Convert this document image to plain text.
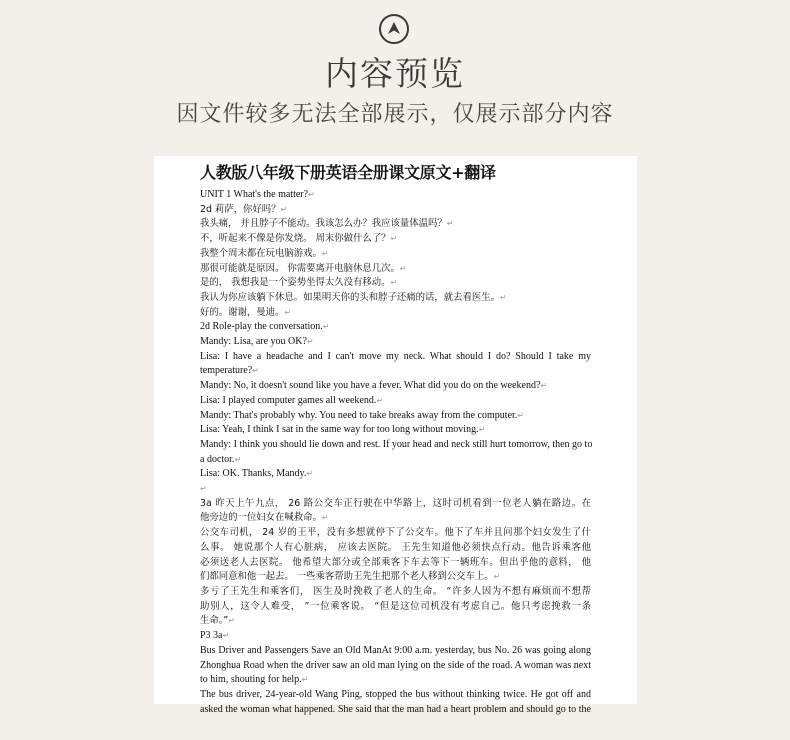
内容预览
因文件较多无法全部展示，仅展示部分内容
人教版八年级下册英语全册课文原文+翻译
UNIT 1 What's the matter?↵
2d 莉萨，你好吗？↵
我头痛， 并且脖子不能动。我该怎么办？我应该量体温吗？↵
不，听起来不像是你发烧。 周末你做什么了？↵
我整个周末都在玩电脑游戏。↵
那很可能就是原因。 你需要离开电脑休息几次。↵
是的， 我想我是一个姿势坐得太久没有移动。↵
我认为你应该躺下休息。如果明天你的头和脖子还痛的话，就去看医生。↵
好的。谢谢，曼迪。↵
2d Role-play the conversation.↵
Mandy: Lisa, are you OK?↵
Lisa: I have a headache and I can't move my neck. What should I do? Should I take my
temperature?↵
Mandy: No, it doesn't sound like you have a fever. What did you do on the weekend?↵
Lisa: I played computer games all weekend.↵
Mandy: That's probably why. You need to take breaks away from the computer.↵
Lisa: Yeah, I think I sat in the same way for too long without moving.↵
Mandy: I think you should lie down and rest. If your head and neck still hurt tomorrow, then go to
a doctor.↵
Lisa: OK. Thanks, Mandy.↵
↵
3a 昨天上午九点， 26 路公交车正行驶在中华路上，这时司机看到一位老人躺在路边。在
他旁边的一位妇女在喊救命。↵
公交车司机， 24 岁的王平，没有多想就停下了公交车。他下了车并且问那个妇女发生了什
么事。 她说那个人有心脏病， 应该去医院。 王先生知道他必须快点行动。他告诉乘客他
必须送老人去医院。 他希望大部分或全部乘客下车去等下一辆班车。但出乎他的意料， 他
们都同意和他一起去。 一些乘客帮助王先生把那个老人移到公交车上。↵
多亏了王先生和乘客们， 医生及时挽救了老人的生命。 “许多人因为不想有麻烦而不想帮
助别人，这令人难受， ”一位乘客说。 “但是这位司机没有考虑自己。他只考虑挽救一条
生命。”↵
P3 3a↵
Bus Driver and Passengers Save an Old ManAt 9:00 a.m. yesterday, bus No. 26 was going along
Zhonghua Road when the driver saw an old man lying on the side of the road. A woman was next
to him, shouting for help.↵
The bus driver, 24-year-old Wang Ping, stopped the bus without thinking twice. He got off and
asked the woman what happened. She said that the man had a heart problem and should go to the
